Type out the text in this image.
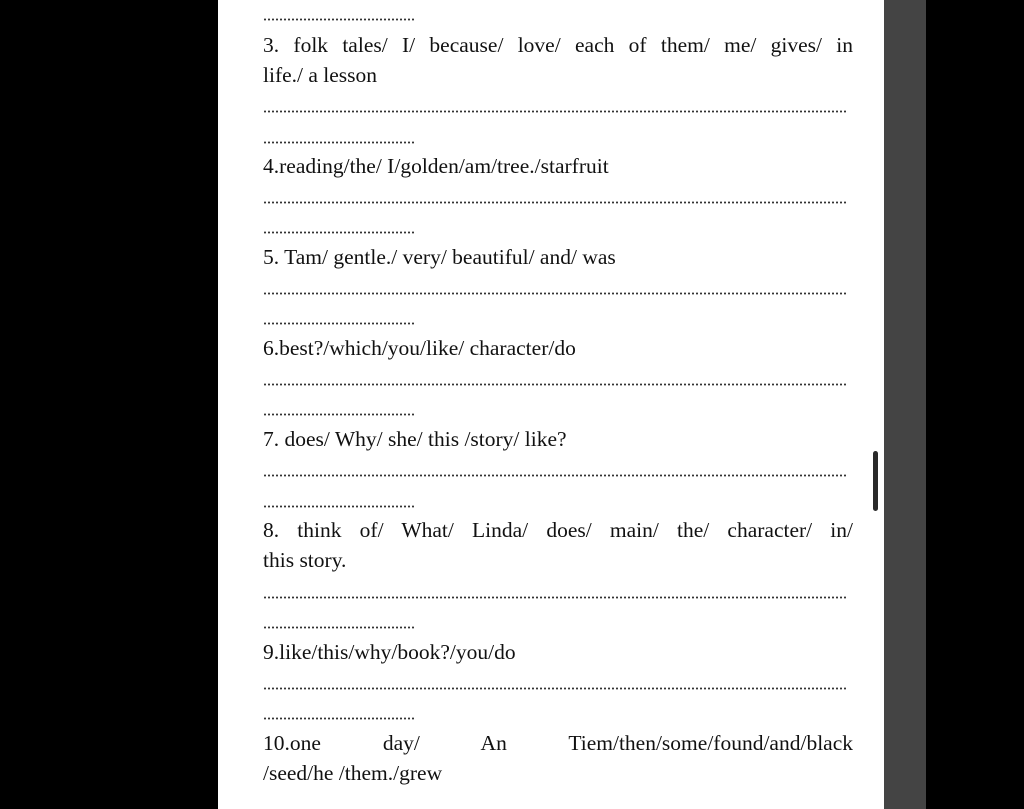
3. folk tales/ I/ because/ love/ each of them/ me/ gives/ in
life./ a lesson

4.reading/the/ I/golden/am/tree./starfruit

5. Tam/ gentle./ very/ beautiful/ and/ was

6.best?/which/you/like/ character/do

7. does/ Why/ she/ this /story/ like?

8. think of/ What/ Linda/ does/ main/ the/ character/ in/
this story.

9.like/this/why/book?/you/do

10.one   day/   An   Tiem/then/some/found/and/black
/seed/he /them./grew
